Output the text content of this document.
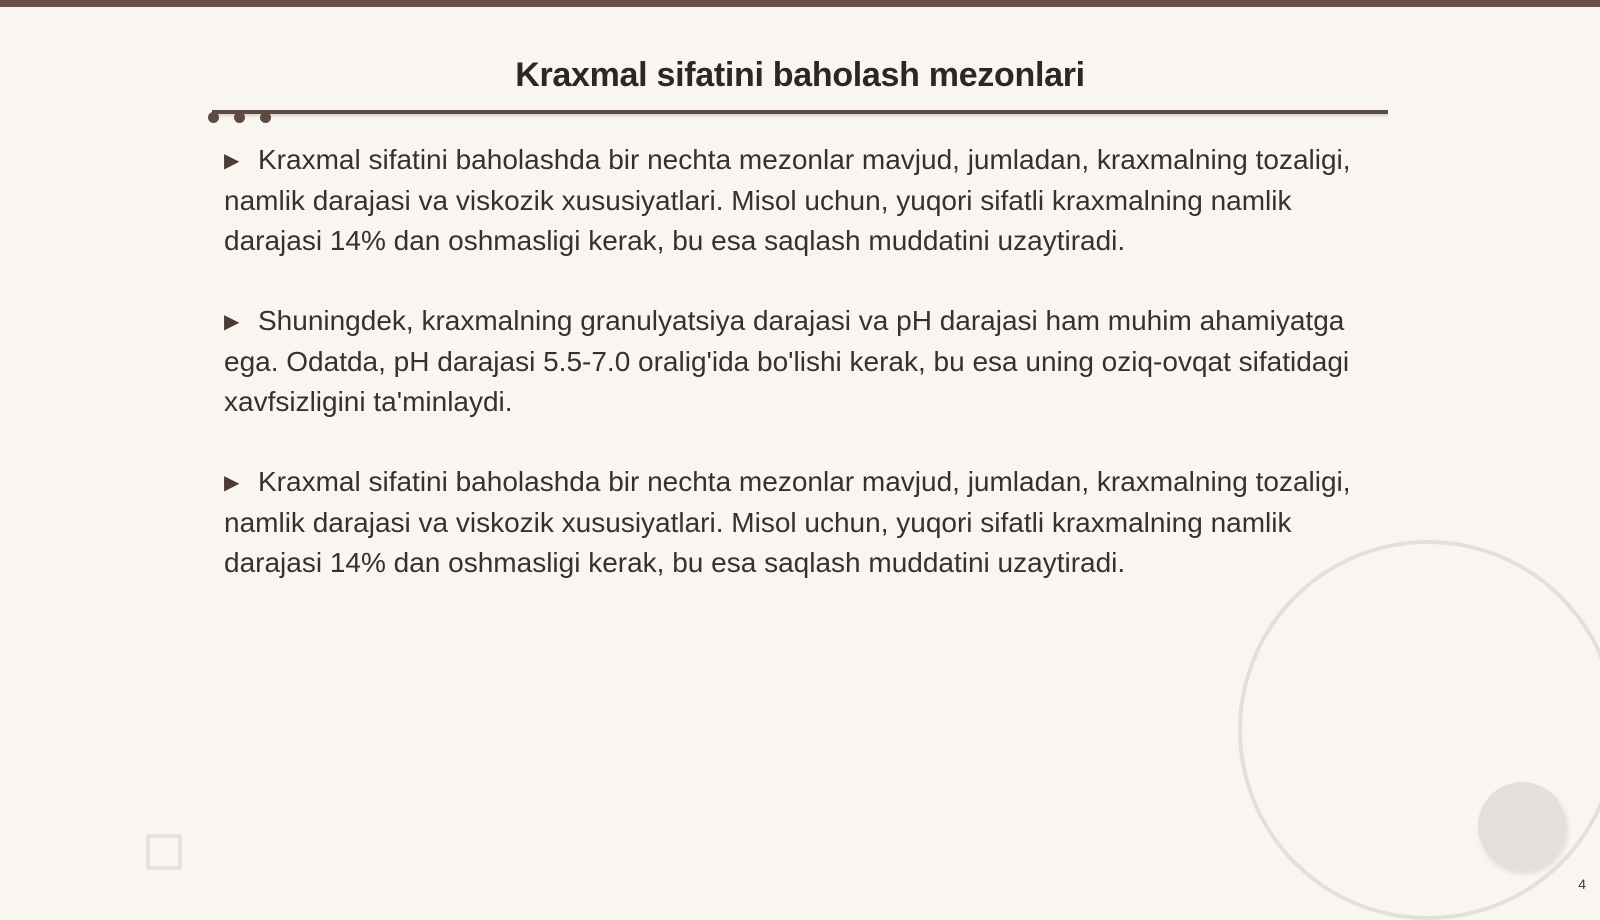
Kraxmal sifatini baholash mezonlari

▶ Kraxmal sifatini baholashda bir nechta mezonlar mavjud, jumladan, kraxmalning tozaligi, namlik darajasi va viskozik xususiyatlari. Misol uchun, yuqori sifatli kraxmalning namlik darajasi 14% dan oshmasligi kerak, bu esa saqlash muddatini uzaytiradi.

▶ Shuningdek, kraxmalning granulyatsiya darajasi va pH darajasi ham muhim ahamiyatga ega. Odatda, pH darajasi 5.5-7.0 oralig'ida bo'lishi kerak, bu esa uning oziq-ovqat sifatidagi xavfsizligini ta'minlaydi.

▶ Kraxmal sifatini baholashda bir nechta mezonlar mavjud, jumladan, kraxmalning tozaligi, namlik darajasi va viskozik xususiyatlari. Misol uchun, yuqori sifatli kraxmalning namlik darajasi 14% dan oshmasligi kerak, bu esa saqlash muddatini uzaytiradi.

4
